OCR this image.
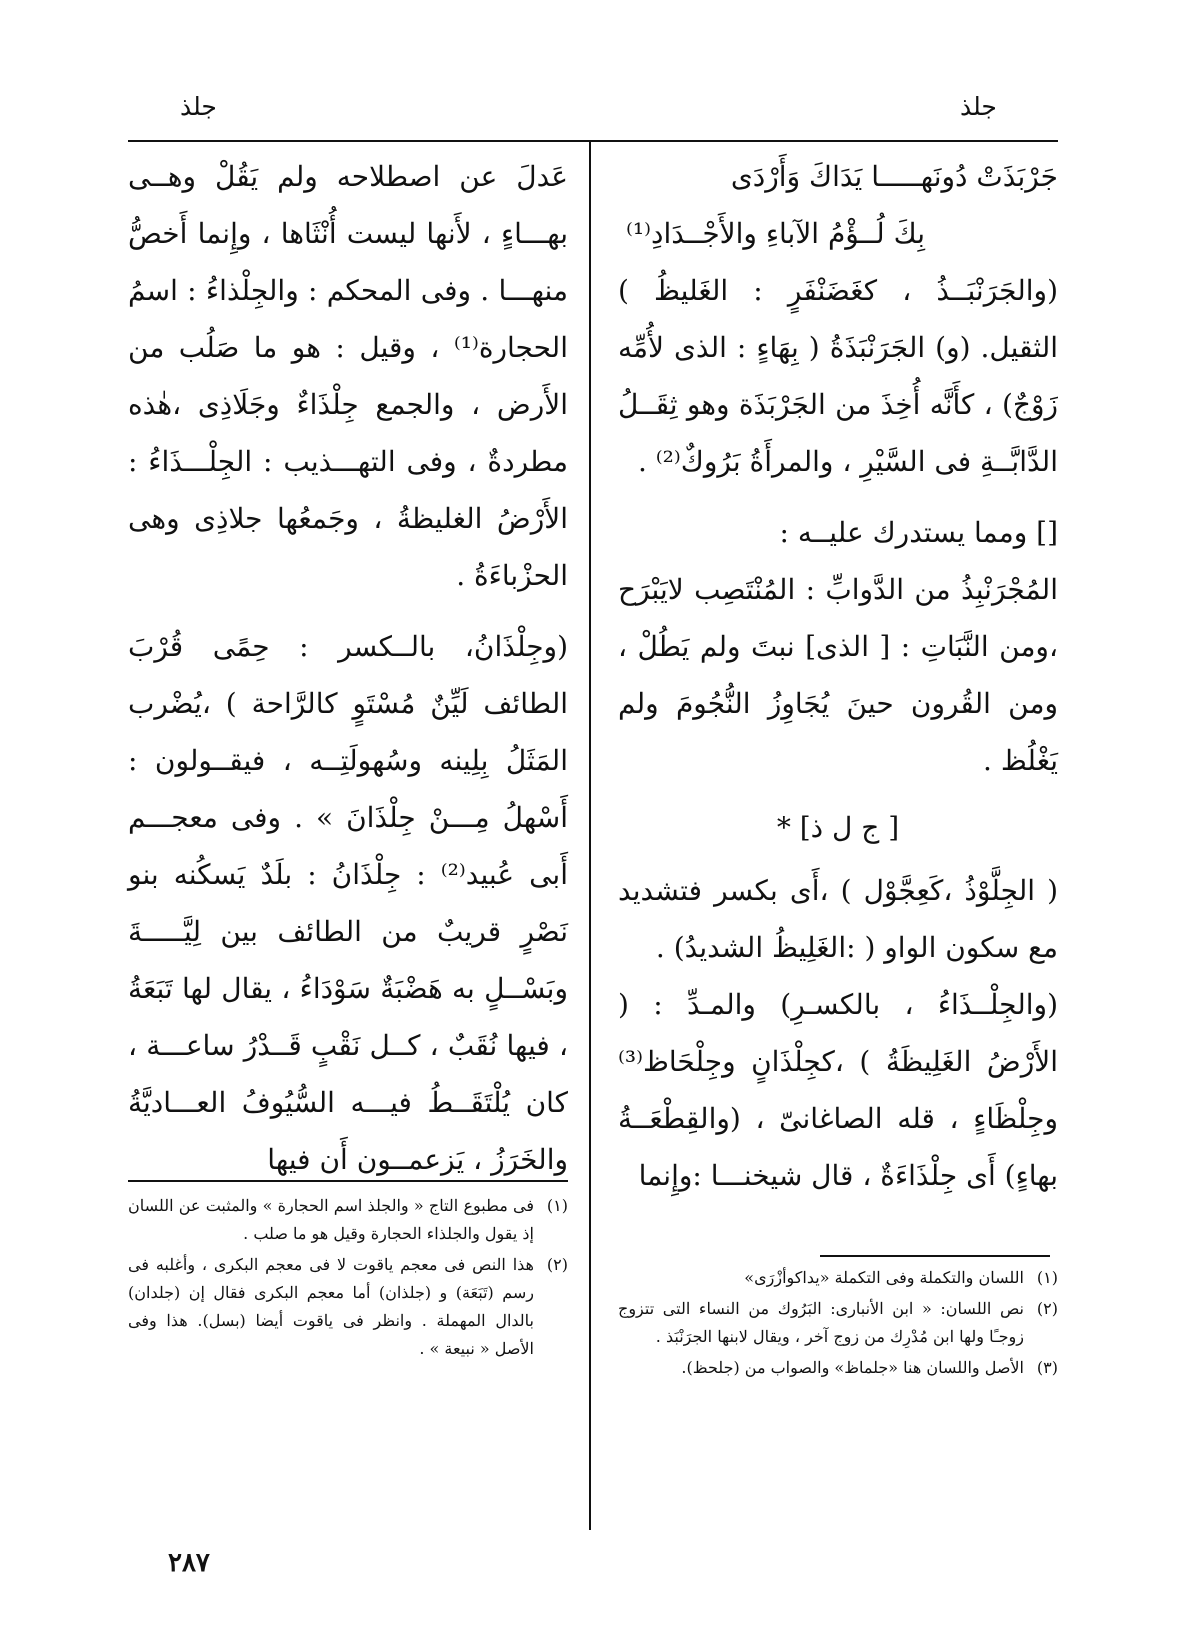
جلذ
جلذ

جَرْبَذَتْ دُونَهـــــا يَدَاكَ وَأَرْدَى

بِكَ لُــؤْمُ الآباءِ والأَجْــدَادِ⁽¹⁾

(والجَرَنْبَــذُ ، كغَضَنْفَرٍ : الغَليظُ ) الثقيل. (و) الجَرَنْبَذَةُ ( بِهَاءٍ : الذى لأُمِّه زَوْجٌ) ، كأَنَّه أُخِذَ من الجَرْبَذَة وهو ثِقَــلُ الدَّابَّــةِ فى السَّيْرِ ، والمرأَةُ بَرُوكٌ⁽²⁾ .

[] ومما يستدرك عليــه :

المُجْرَنْبِذُ من الدَّوابِّ : المُنْتَصِب لايَبْرَح ،ومن النَّبَاتِ : [ الذى] نبتَ ولم يَطُلْ ، ومن القُرون حينَ يُجَاوِزُ النُّجُومَ ولم يَغْلُظ .

[ ج ل ذ] *

( الجِلَّوْذُ ،كَعِجَّوْل ) ،أَى بكسر فتشديد مع سكون الواو ( :الغَلِيظُ الشديدُ) .

(والجِلْــذَاءُ ، بالكسـرِ) والمـدِّ : ( الأَرْضُ الغَلِيظَةُ ) ،كجِلْذَانٍ وجِلْحَاظ⁽³⁾ وجِلْظَاءٍ ، قله الصاغانىّ ، (والقِطْعَــةُ بهاءٍ) أَى جِلْذَاءَةٌ ، قال شيخنـــا :وإِنما

عَدلَ عن اصطلاحه ولم يَقُلْ وهــى بهـــاءٍ ، لأَنها ليست أُنْثَاها ، وإِنما أَخصُّ منهـــا . وفى المحكم : والجِلْذاءُ : اسمُ الحجارة⁽¹⁾ ، وقيل : هو ما صَلُب من الأَرض ، والجمع جِلْذَاءٌ وجَلَاذِى ،هٰذه مطردةٌ ، وفى التهـــذيب : الجِلْـــذَاءُ : الأَرْضُ الغليظةُ ، وجَمعُها جلاذِى وهى الحزْباءَةُ .

(وجِلْذَانُ، بالــكسر : حِمًى قُرْبَ الطائف لَيِّنٌ مُسْتَوٍ كالرَّاحة ) ،يُضْرب المَثَلُ بِلِينه وسُهولَتِــه ، فيقــولون : أَسْهلُ مِـــنْ جِلْذَانَ » . وفى معجـــم أَبى عُبيد⁽²⁾ : جِلْذَانُ : بلَدٌ يَسكُنه بنو نَصْرٍ قريبٌ من الطائف بين لِيَّـــــةَ وبَسْــلٍ به هَضْبَةٌ سَوْدَاءُ ، يقال لها تَبَعَةُ ، فيها نُقَبٌ ، كــل نَقْبٍ قَــدْرُ ساعـــة ، كان يُلْتَقَــطُ فيـــه السُّيُوفُ العـــاديَّةُ والخَرَزُ ، يَزعمــون أَن فيها

(١)
اللسان والتكملة وفى التكملة «يداكوأزْرَى»
(٢)
نص اللسان: « ابن الأنبارى: البَرُوك من النساء التى تتزوج زوجـًا ولها ابن مُدْرِك من زوج آخر ، ويقال لابنها الجرَنْبَذ .
(٣)
الأصل واللسان هنا «جلماظ» والصواب من (جلحظ).
(١)
فى مطبوع التاج « والجلذ اسم الحجارة » والمثبت عن اللسان إذ يقول والجلذاء الحجارة وقيل هو ما صلب .
(٢)
هذا النص فى معجم ياقوت لا فى معجم البكرى ، وأغلبه فى رسم (تَبَعَة) و (جلذان) أما معجم البكرى فقال إن (جلدان) بالدال المهملة . وانظر فى ياقوت أيضا (بسل). هذا وفى الأصل « نبيعة » .
٢٨٧
